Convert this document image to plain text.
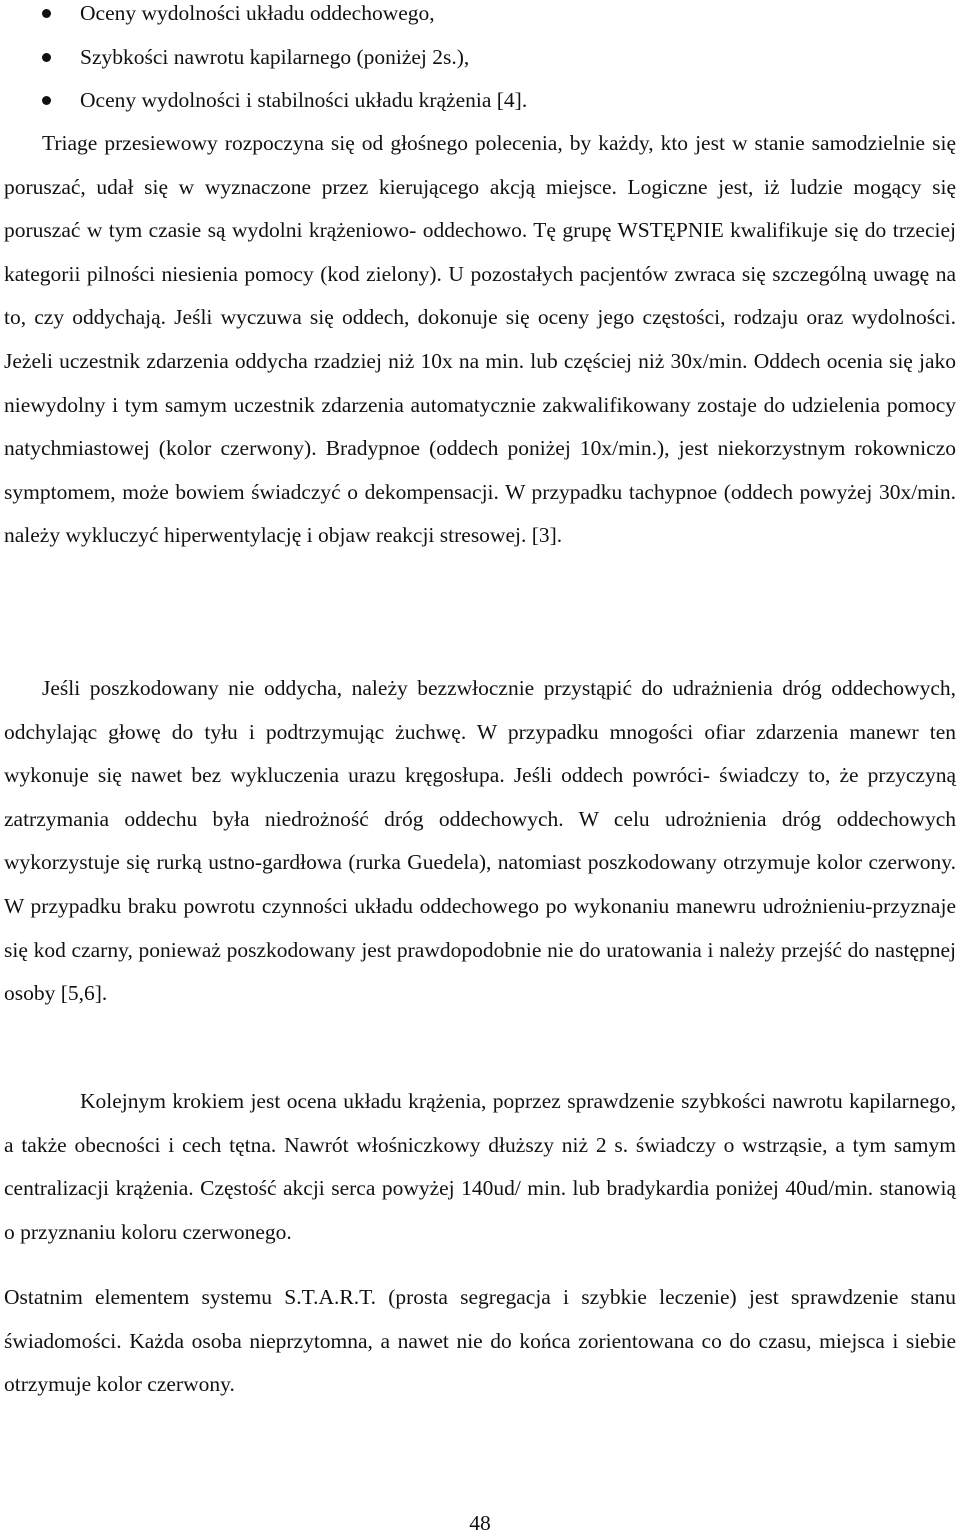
Oceny wydolności układu oddechowego,
Szybkości nawrotu kapilarnego (poniżej 2s.),
Oceny wydolności i stabilności układu krążenia [4].

Triage przesiewowy rozpoczyna się od głośnego polecenia, by każdy, kto jest w stanie samodzielnie się poruszać, udał się w wyznaczone przez kierującego akcją miejsce. Logiczne jest, iż ludzie mogący się poruszać w tym czasie są wydolni krążeniowo- oddechowo. Tę grupę WSTĘPNIE kwalifikuje się do trzeciej kategorii pilności niesienia pomocy (kod zielony). U pozostałych pacjentów zwraca się szczególną uwagę na to, czy oddychają. Jeśli wyczuwa się oddech, dokonuje się oceny jego częstości, rodzaju oraz wydolności. Jeżeli uczestnik zdarzenia oddycha rzadziej niż 10x na min. lub częściej niż 30x/min. Oddech ocenia się jako niewydolny i tym samym uczestnik zdarzenia automatycznie zakwalifikowany zostaje do udzielenia pomocy natychmiastowej (kolor czerwony). Bradypnoe (oddech poniżej 10x/min.), jest niekorzystnym rokowniczo symptomem, może bowiem świadczyć o dekompensacji. W przypadku tachypnoe (oddech powyżej 30x/min. należy wykluczyć hiperwentylację i objaw reakcji stresowej. [3].

Jeśli poszkodowany nie oddycha, należy bezzwłocznie przystąpić do udrażnienia dróg oddechowych, odchylając głowę do tyłu i podtrzymując żuchwę. W przypadku mnogości ofiar zdarzenia manewr ten wykonuje się nawet bez wykluczenia urazu kręgosłupa. Jeśli oddech powróci- świadczy to, że przyczyną zatrzymania oddechu była niedrożność dróg oddechowych. W celu udrożnienia dróg oddechowych wykorzystuje się rurką ustno-gardłowa (rurka Guedela), natomiast poszkodowany otrzymuje kolor czerwony. W przypadku braku powrotu czynności układu oddechowego po wykonaniu manewru udrożnieniu-przyznaje się kod czarny, ponieważ poszkodowany jest prawdopodobnie nie do uratowania i należy przejść do następnej osoby [5,6].

Kolejnym krokiem jest ocena układu krążenia, poprzez sprawdzenie szybkości nawrotu kapilarnego, a także obecności i cech tętna. Nawrót włośniczkowy dłuższy niż 2 s. świadczy o wstrząsie, a tym samym centralizacji krążenia. Częstość akcji serca powyżej 140ud/ min. lub bradykardia poniżej 40ud/min. stanowią o przyznaniu koloru czerwonego.

Ostatnim elementem systemu S.T.A.R.T. (prosta segregacja i szybkie leczenie) jest sprawdzenie stanu świadomości. Każda osoba nieprzytomna, a nawet nie do końca zorientowana co do czasu, miejsca i siebie otrzymuje kolor czerwony.

48
